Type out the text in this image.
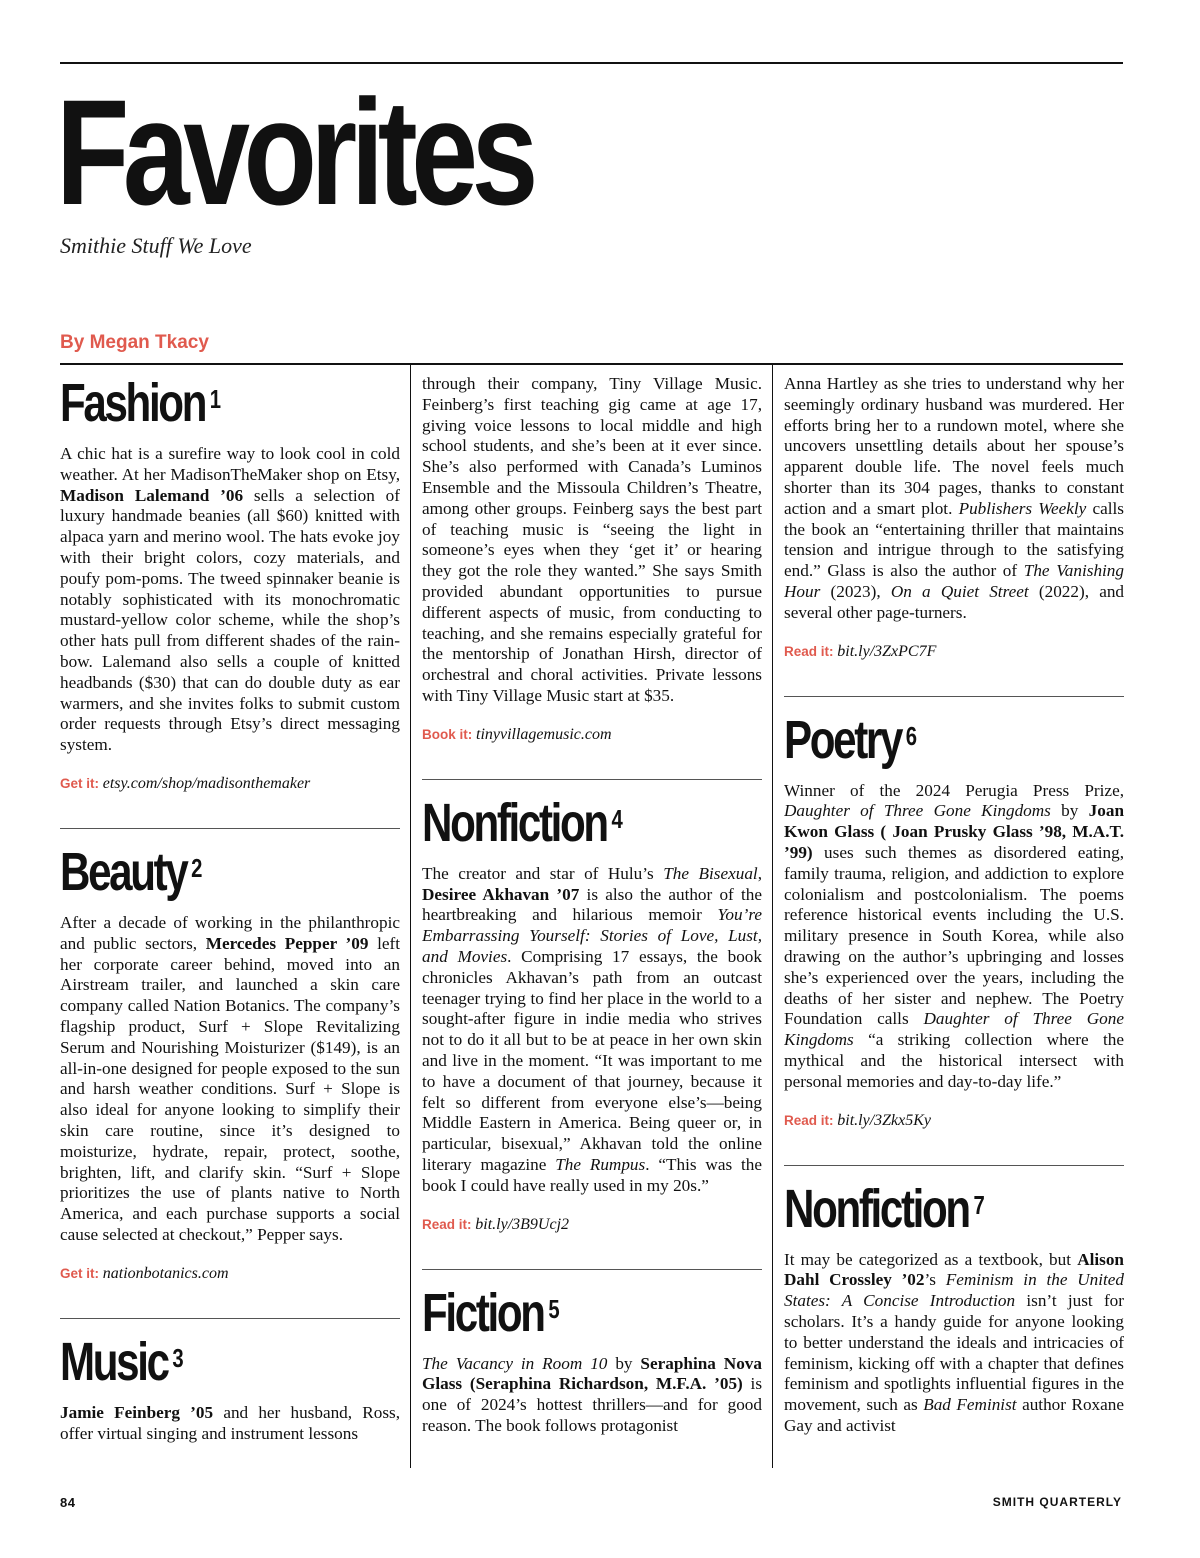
Favorites

Smithie Stuff We Love

By Megan Tkacy

Fashion $^1$

A chic hat is a surefire way to look cool in cold weather. At her MadisonTheMaker shop on Etsy, Madison Lalemand ’06 sells a selection of luxury handmade beanies (all $60) knitted with alpaca yarn and merino wool. The hats evoke joy with their bright colors, cozy materials, and poufy pom-poms. The tweed spinnaker beanie is notably sophisticated with its monochromatic mustard-yellow color scheme, while the shop’s other hats pull from different shades of the rainbow. Lalemand also sells a couple of knitted headbands ($30) that can do double duty as ear warmers, and she invites folks to submit custom order requests through Etsy’s direct messaging system.

Get it: etsy.com/shop/madisonthemaker

Beauty $^2$

After a decade of working in the philanthropic and public sectors, Mercedes Pepper ’09 left her corporate career behind, moved into an Airstream trailer, and launched a skin care company called Nation Botanics. The company’s flagship product, Surf + Slope Revitalizing Serum and Nourishing Moisturizer ($149), is an all-in-one designed for people exposed to the sun and harsh weather conditions. Surf + Slope is also ideal for anyone looking to simplify their skin care routine, since it’s designed to moisturize, hydrate, repair, protect, soothe, brighten, lift, and clarify skin. “Surf + Slope prioritizes the use of plants native to North America, and each purchase supports a social cause selected at checkout,” Pepper says.

Get it: nationbotanics.com

Music $^3$

Jamie Feinberg ’05 and her husband, Ross, offer virtual singing and instrument lessons

through their company, Tiny Village Music. Feinberg’s first teaching gig came at age 17, giving voice lessons to local middle and high school students, and she’s been at it ever since. She’s also performed with Canada’s Luminos Ensemble and the Missoula Children’s Theatre, among other groups. Feinberg says the best part of teaching music is “seeing the light in someone’s eyes when they ‘get it’ or hearing they got the role they wanted.” She says Smith provided abundant opportunities to pursue different aspects of music, from conducting to teaching, and she remains especially grateful for the mentorship of Jonathan Hirsh, director of orchestral and choral activities. Private lessons with Tiny Village Music start at $35.

Book it: tinyvillagemusic.com

Nonfiction $^4$

The creator and star of Hulu’s The Bisexual, Desiree Akhavan ’07 is also the author of the heartbreaking and hilarious memoir You’re Embarrassing Yourself: Stories of Love, Lust, and Movies. Comprising 17 essays, the book chronicles Akhavan’s path from an outcast teenager trying to find her place in the world to a sought-after figure in indie media who strives not to do it all but to be at peace in her own skin and live in the moment. “It was important to me to have a document of that journey, because it felt so different from everyone else’s—being Middle Eastern in America. Being queer or, in particular, bisexual,” Akhavan told the online literary magazine The Rumpus. “This was the book I could have really used in my 20s.”

Read it: bit.ly/3B9Ucj2

Fiction $^5$

The Vacancy in Room 10 by Seraphina Nova Glass (Seraphina Richardson, M.F.A. ’05) is one of 2024’s hottest thrillers—and for good reason. The book follows protagonist

Anna Hartley as she tries to understand why her seemingly ordinary husband was murdered. Her efforts bring her to a rundown motel, where she uncovers unsettling details about her spouse’s apparent double life. The novel feels much shorter than its 304 pages, thanks to constant action and a smart plot. Publishers Weekly calls the book an “entertaining thriller that maintains tension and intrigue through to the satisfying end.” Glass is also the author of The Vanishing Hour (2023), On a Quiet Street (2022), and several other page-turners.

Read it: bit.ly/3ZxPC7F

Poetry $^6$

Winner of the 2024 Perugia Press Prize, Daughter of Three Gone Kingdoms by Joan Kwon Glass ( Joan Prusky Glass ’98, M.A.T. ’99) uses such themes as disordered eating, family trauma, religion, and addiction to explore colonialism and postcolonialism. The poems reference historical events including the U.S. military presence in South Korea, while also drawing on the author’s upbringing and losses she’s experienced over the years, including the deaths of her sister and nephew. The Poetry Foundation calls Daughter of Three Gone Kingdoms “a striking collection where the mythical and the historical intersect with personal memories and day-to-day life.”

Read it: bit.ly/3Zkx5Ky

Nonfiction $^7$

It may be categorized as a textbook, but Alison Dahl Crossley ’02’s Feminism in the United States: A Concise Introduction isn’t just for scholars. It’s a handy guide for anyone looking to better understand the ideals and intricacies of feminism, kicking off with a chapter that defines feminism and spotlights influential figures in the movement, such as Bad Feminist author Roxane Gay and activist

84	SMITH QUARTERLY
